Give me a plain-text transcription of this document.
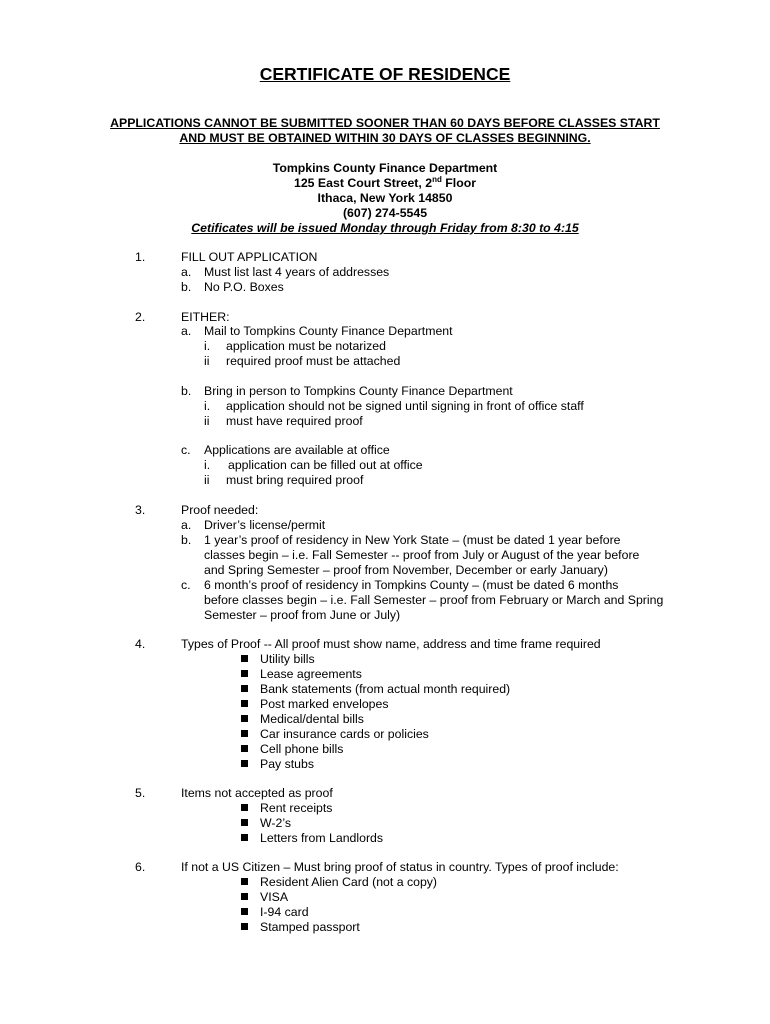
CERTIFICATE OF RESIDENCE
APPLICATIONS CANNOT BE SUBMITTED SOONER THAN 60 DAYS BEFORE CLASSES START
AND MUST BE OBTAINED WITHIN 30 DAYS OF CLASSES BEGINNING.
Tompkins County Finance Department
125 East Court Street, 2nd Floor
Ithaca, New York 14850
(607) 274-5545
Cetificates will be issued Monday through Friday from 8:30 to 4:15
1.	FILL OUT APPLICATION
a. Must list last 4 years of addresses
b. No P.O. Boxes
2.	EITHER:
a. Mail to Tompkins County Finance Department
i. application must be notarized
ii required proof must be attached
b. Bring in person to Tompkins County Finance Department
i. application should not be signed until signing in front of office staff
ii must have required proof
c. Applications are available at office
i. application can be filled out at office
ii must bring required proof
3.	Proof needed:
a. Driver’s license/permit
b. 1 year’s proof of residency in New York State – (must be dated 1 year before
classes begin – i.e. Fall Semester -- proof from July or August of the year before
and Spring Semester – proof from November, December or early January)
c. 6 month’s proof of residency in Tompkins County – (must be dated 6 months
before classes begin – i.e. Fall Semester – proof from February or March and Spring
Semester – proof from June or July)
4.	Types of Proof -- All proof must show name, address and time frame required
Utility bills
Lease agreements
Bank statements (from actual month required)
Post marked envelopes
Medical/dental bills
Car insurance cards or policies
Cell phone bills
Pay stubs
5.	Items not accepted as proof
Rent receipts
W-2’s
Letters from Landlords
6.	If not a US Citizen – Must bring proof of status in country. Types of proof include:
Resident Alien Card (not a copy)
VISA
I-94 card
Stamped passport
